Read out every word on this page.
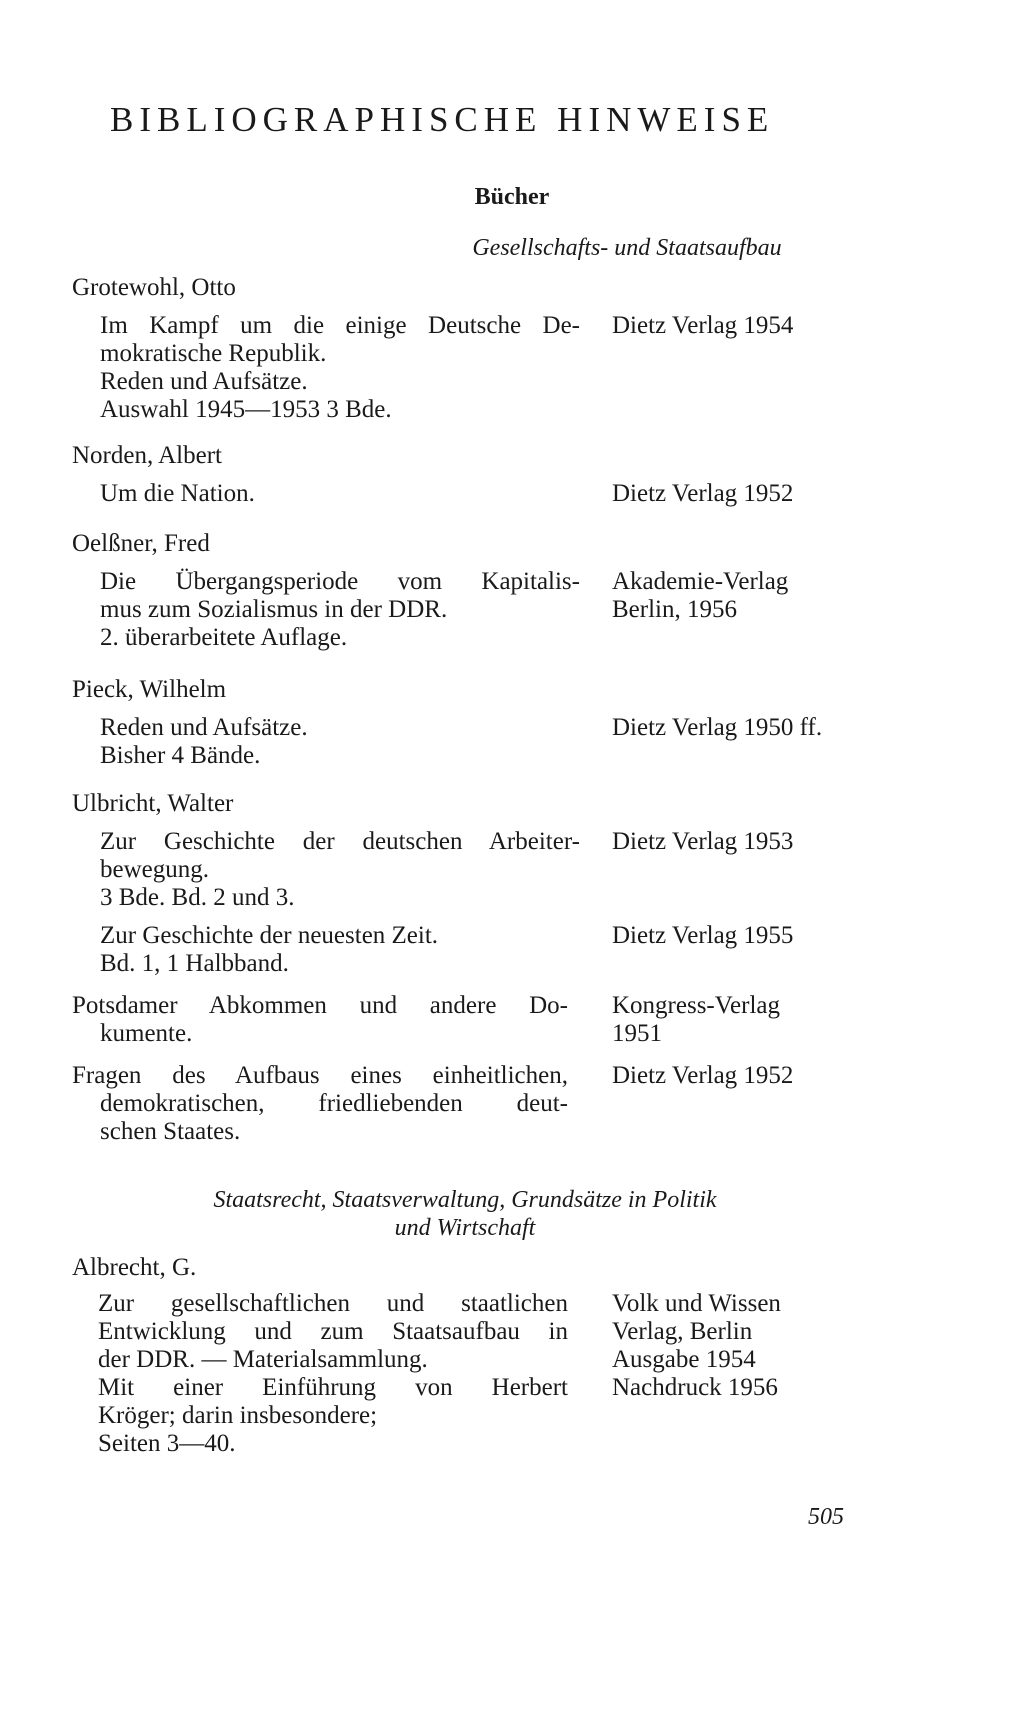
BIBLIOGRAPHISCHE HINWEISE
Bücher
Gesellschafts- und Staatsaufbau
Grotewohl, Otto
Im Kampf um die einige Deutsche De-
mokratische Republik.
Reden und Aufsätze.
Auswahl 1945—1953 3 Bde.
Dietz Verlag 1954
Norden, Albert
Um die Nation.	Dietz Verlag 1952
Oelßner, Fred
Die Übergangsperiode vom Kapitalis-
mus zum Sozialismus in der DDR.
2. überarbeitete Auflage.
Akademie-Verlag
Berlin, 1956
Pieck, Wilhelm
Reden und Aufsätze.
Bisher 4 Bände.
Dietz Verlag 1950 ff.
Ulbricht, Walter
Zur Geschichte der deutschen Arbeiter-
bewegung.
3 Bde. Bd. 2 und 3.
Dietz Verlag 1953
Zur Geschichte der neuesten Zeit.
Bd. 1, 1 Halbband.
Dietz Verlag 1955
Potsdamer Abkommen und andere Do-
kumente.
Kongress-Verlag
1951
Fragen des Aufbaus eines einheitlichen,
demokratischen, friedliebenden deut-
schen Staates.
Dietz Verlag 1952
Staatsrecht, Staatsverwaltung, Grundsätze in Politik
und Wirtschaft
Albrecht, G.
Zur gesellschaftlichen und staatlichen
Entwicklung und zum Staatsaufbau in
der DDR. — Materialsammlung.
Mit einer Einführung von Herbert
Kröger; darin insbesondere;
Seiten 3—40.
Volk und Wissen
Verlag, Berlin
Ausgabe 1954
Nachdruck 1956
505
